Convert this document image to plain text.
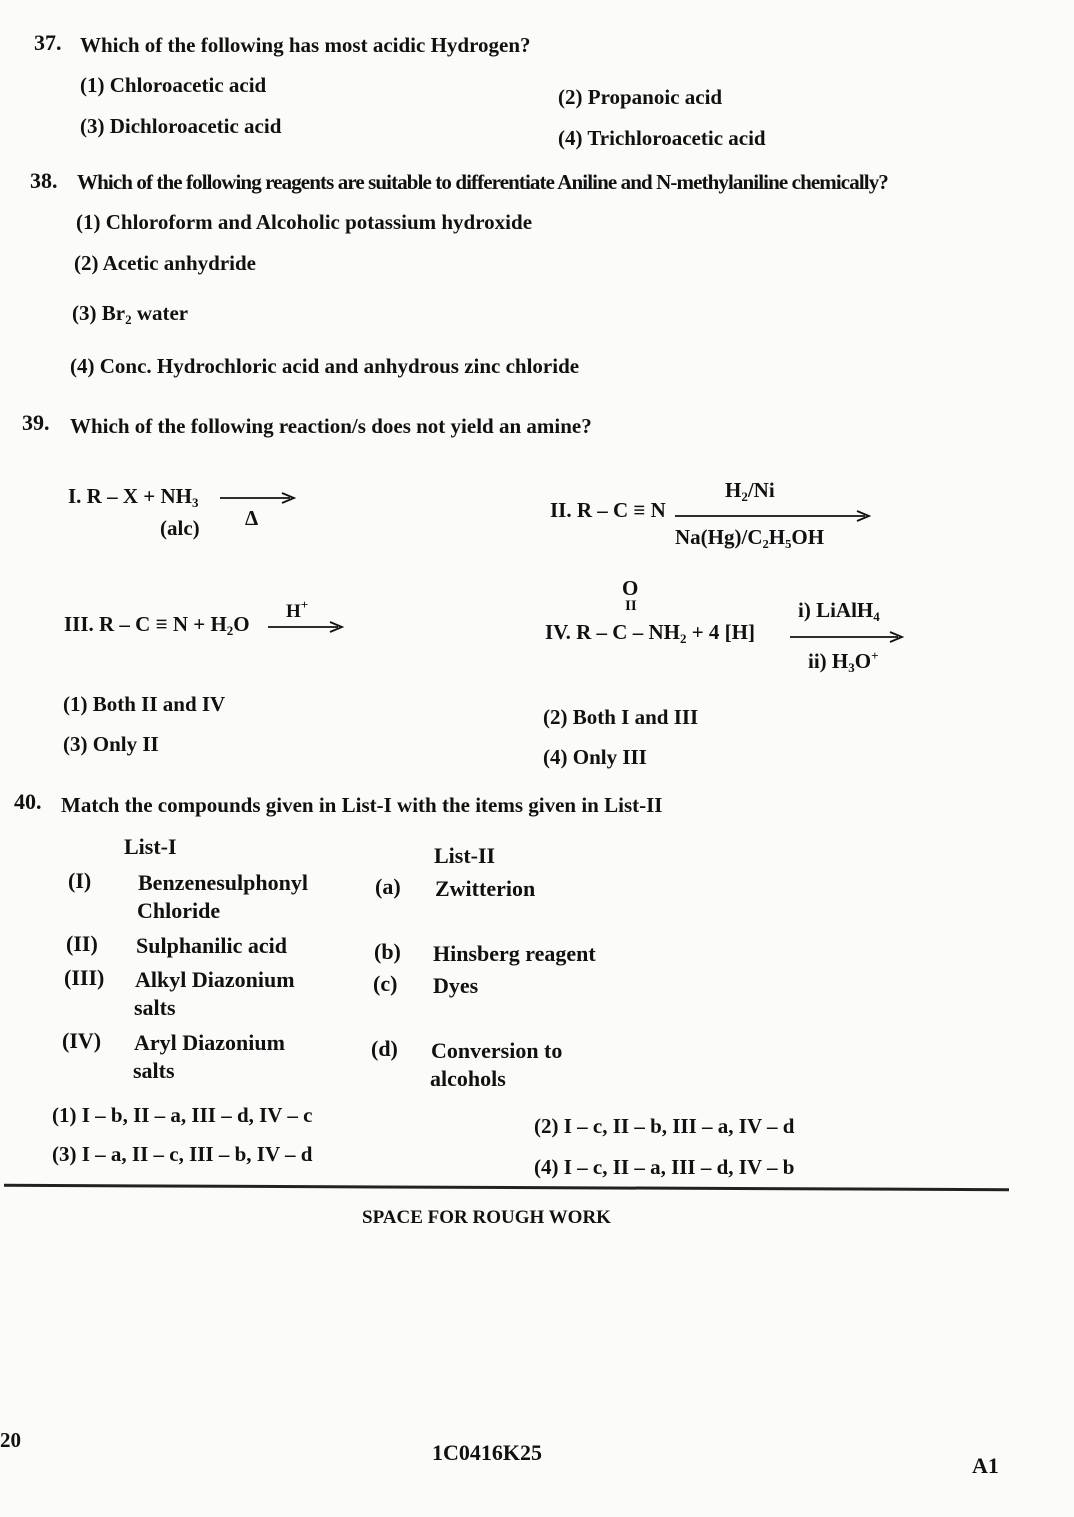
37. Which of the following has most acidic Hydrogen?
(1) Chloroacetic acid	(2) Propanoic acid
(3) Dichloroacetic acid	(4) Trichloroacetic acid
38. Which of the following reagents are suitable to differentiate Aniline and N-methylaniline chemically?
(1) Chloroform and Alcoholic potassium hydroxide
(2) Acetic anhydride
(3) $Br_2$ water
(4) Conc. Hydrochloric acid and anhydrous zinc chloride
39. Which of the following reaction/s does not yield an amine?
I. $R - X + NH_3$ →
(alc) Δ
$H_2/Ni$
II. R – C ≡ N
Na(Hg)/C₂H₅OH
H+
III. $R - C \equiv N + H_2O$ →
O
II	i) LiAlH$_4$
IV. $R - C - NH_2 + 4$ [H]
ii) $H_3O^+$
(1) Both II and IV
(2) Both I and III
(3) Only II
(4) Only III
40. Match the compounds given in List-I with the items given in List-II
List-I	List-II
(I) Benzenesulphonyl
Chloride
(II) Sulphanilic acid
(III) Alkyl Diazonium
salts
(IV) Aryl Diazonium
salts
(a) Zwitterion
(b) Hinsberg reagent
(c) Dyes
(d) Conversion to
alcohols
(1) I – b, II – a, III – d, IV – c	(2) I – c, II – b, III – a, IV – d
(3) I – a, II – c, III – b, IV – d
(4) I – c, II – a, III – d, IV – b
SPACE FOR ROUGH WORK
20	1C0416K25
A1
